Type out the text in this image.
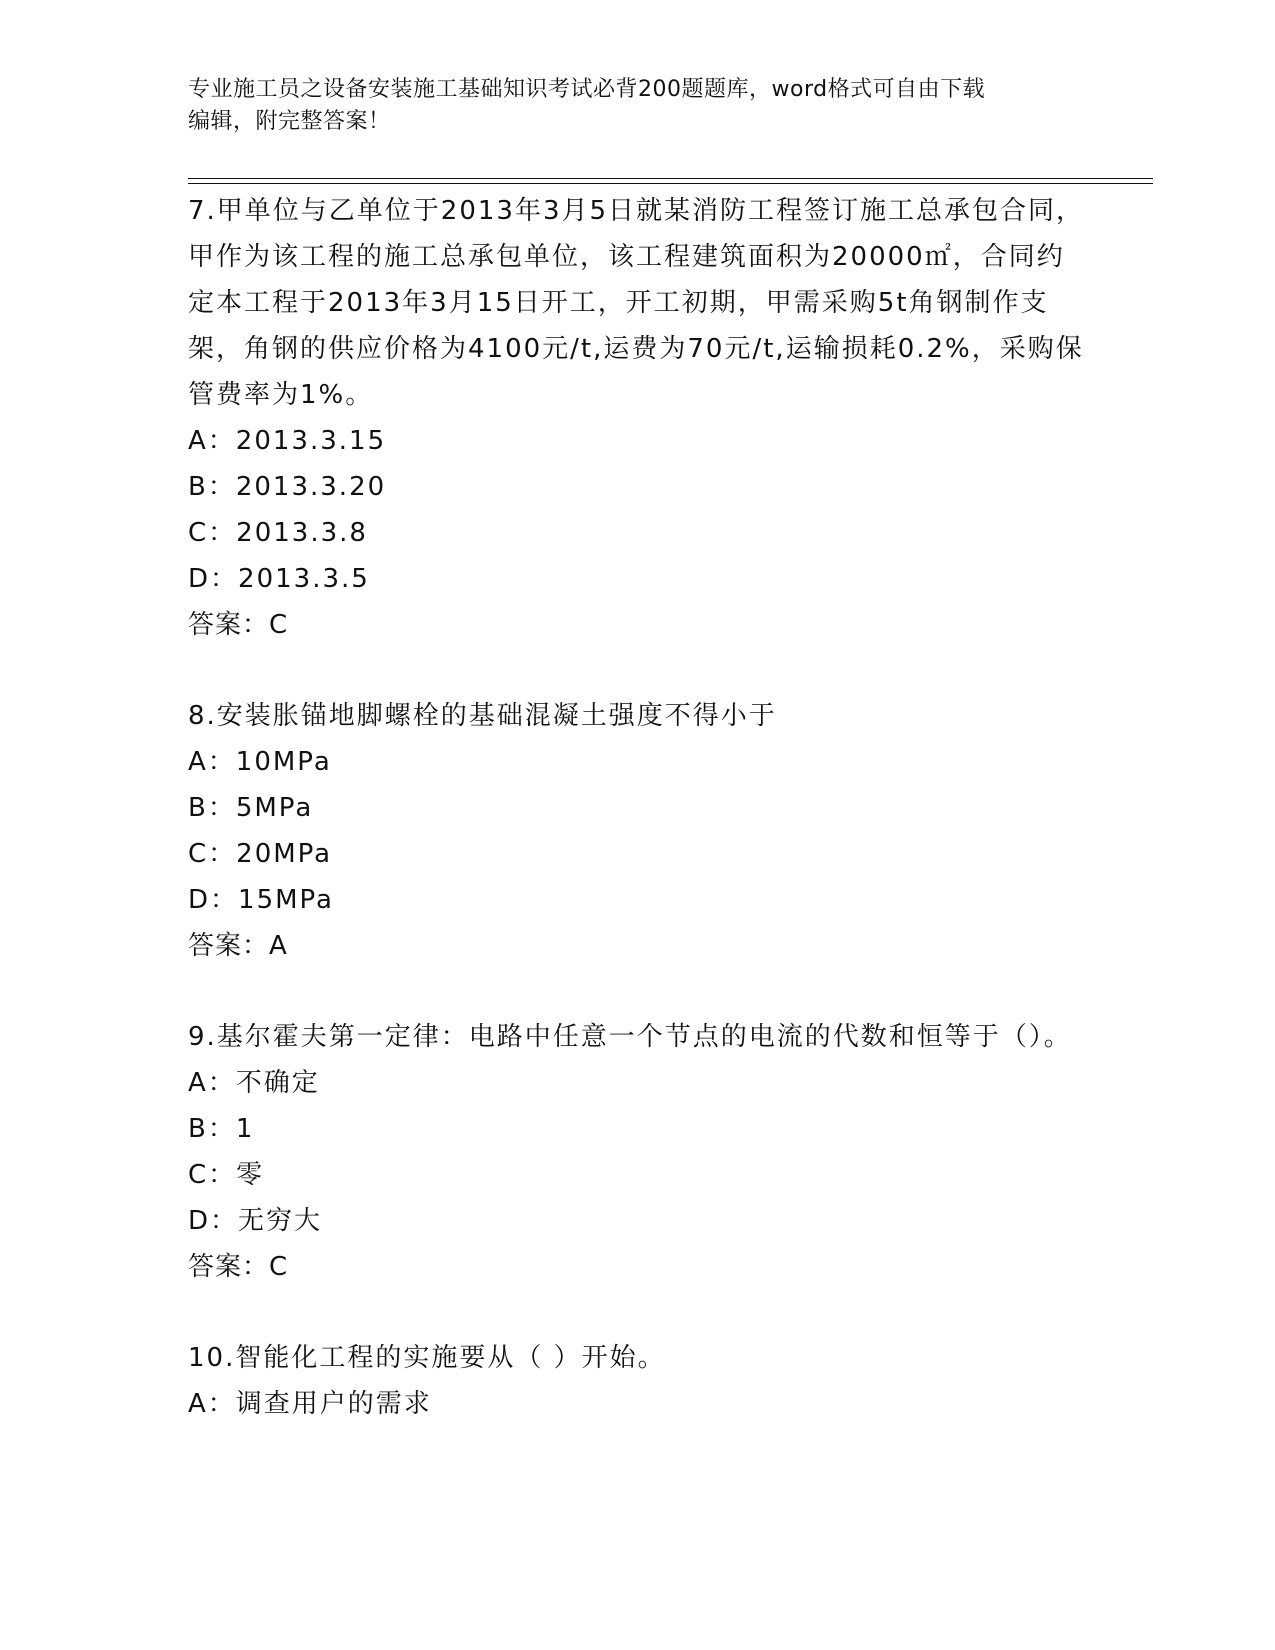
专业施工员之设备安装施工基础知识考试必背200题题库，word格式可自由下载
编辑，附完整答案！

7.甲单位与乙单位于2013年3月5日就某消防工程签订施工总承包合同，甲作为该工程的施工总承包单位，该工程建筑面积为20000㎡，合同约定本工程于2013年3月15日开工，开工初期，甲需采购5t角钢制作支架，角钢的供应价格为4100元/t,运费为70元/t,运输损耗0.2%，采购保管费率为1%。

A：2013.3.15

B：2013.3.20

C：2013.3.8

D：2013.3.5

答案：C

8.安装胀锚地脚螺栓的基础混凝土强度不得小于

A：10MPa

B：5MPa

C：20MPa

D：15MPa

答案：A

9.基尔霍夫第一定律：电路中任意一个节点的电流的代数和恒等于（）。

A：不确定

B：1

C：零

D：无穷大

答案：C

10.智能化工程的实施要从（ ）开始。

A：调查用户的需求
